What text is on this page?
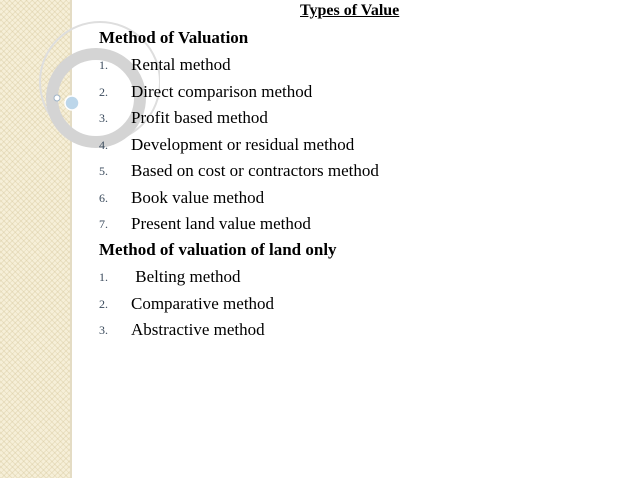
Types of Value
Method of Valuation
1. Rental method
2. Direct comparison method
3. Profit based method
4. Development or residual method
5. Based on cost or contractors method
6. Book value method
7. Present land value method
Method of valuation of land only
1. Belting method
2. Comparative method
3. Abstractive method
